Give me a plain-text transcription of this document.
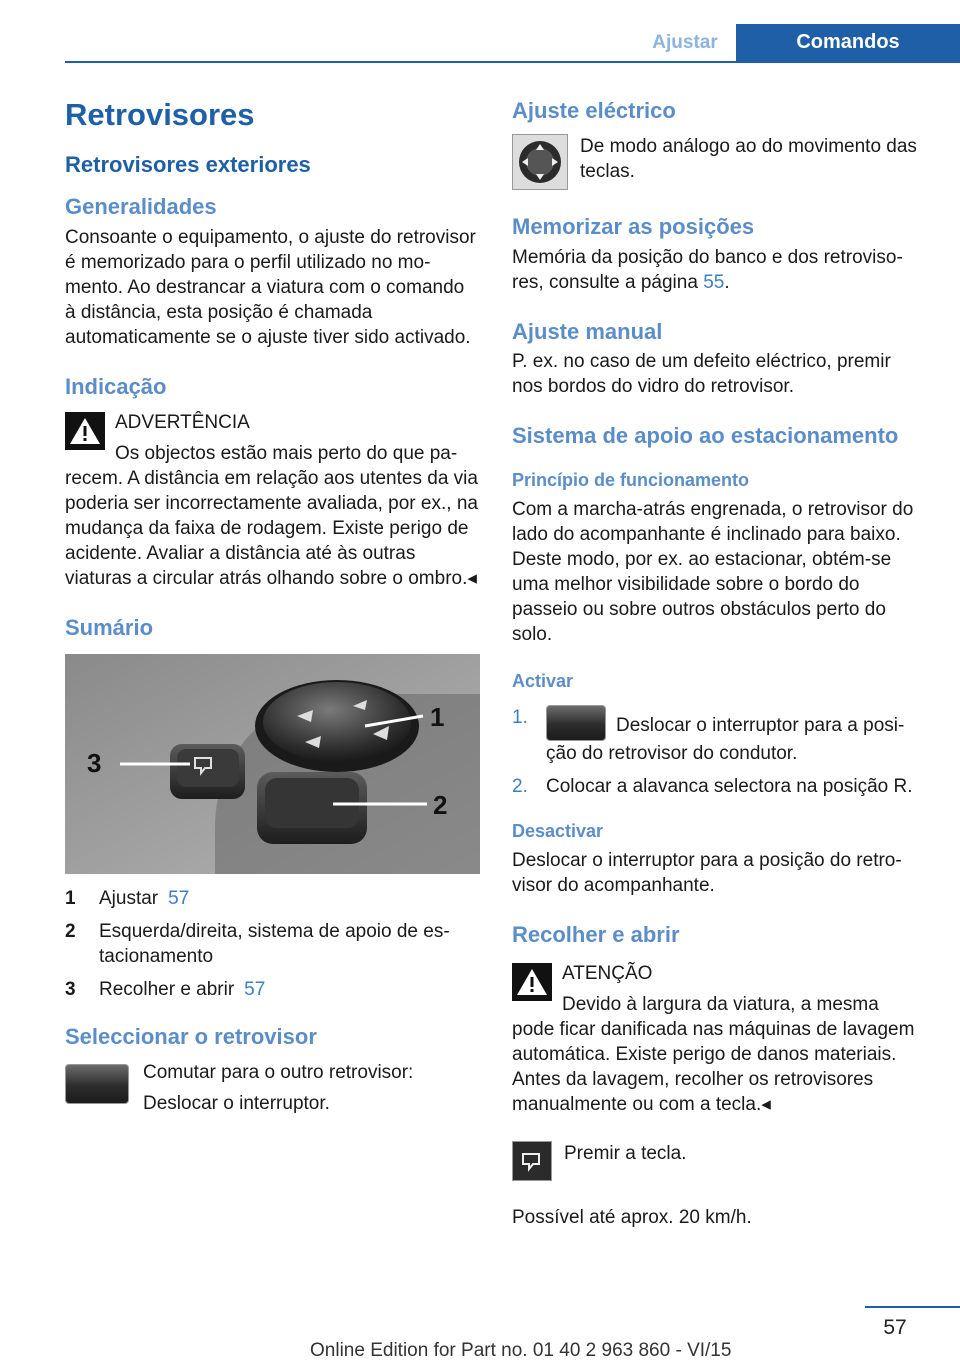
Ajustar	Comandos
Retrovisores
Retrovisores exteriores
Generalidades

Consoante o equipamento, o ajuste do retrovisor é memorizado para o perfil utilizado no momento. Ao destrancar a viatura com o comando à distância, esta posição é chamada automaticamente se o ajuste tiver sido activado.

Indicação
ADVERTÊNCIA
Os objectos estão mais perto do que parecem. A distância em relação aos utentes da via poderia ser incorrectamente avaliada, por ex., na mudança da faixa de rodagem. Existe perigo de acidente. Avaliar a distância até às outras viaturas a circular atrás olhando sobre o ombro.◂
Sumário
1
2
3
1	Ajustar 57
2	Esquerda/direita, sistema de apoio de estacionamento
3	Recolher e abrir 57
Seleccionar o retrovisor
Comutar para o outro retrovisor:
Deslocar o interruptor.
Ajuste eléctrico
De modo análogo ao do movimento das teclas.
Memorizar as posições

Memória da posição do banco e dos retrovisores, consulte a página 55.

Ajuste manual

P. ex. no caso de um defeito eléctrico, premir nos bordos do vidro do retrovisor.

Sistema de apoio ao estacionamento
Princípio de funcionamento

Com a marcha-atrás engrenada, o retrovisor do lado do acompanhante é inclinado para baixo. Deste modo, por ex. ao estacionar, obtém-se uma melhor visibilidade sobre o bordo do passeio ou sobre outros obstáculos perto do solo.

Activar
1.	Deslocar o interruptor para a posição do retrovisor do condutor.
2. Colocar a alavanca selectora na posição R.
Desactivar

Deslocar o interruptor para a posição do retrovisor do acompanhante.

Recolher e abrir
ATENÇÃO
Devido à largura da viatura, a mesma pode ficar danificada nas máquinas de lavagem automática. Existe perigo de danos materiais. Antes da lavagem, recolher os retrovisores manualmente ou com a tecla.◂
Premir a tecla.

Possível até aprox. 20 km/h.

57
Online Edition for Part no. 01 40 2 963 860 - VI/15
